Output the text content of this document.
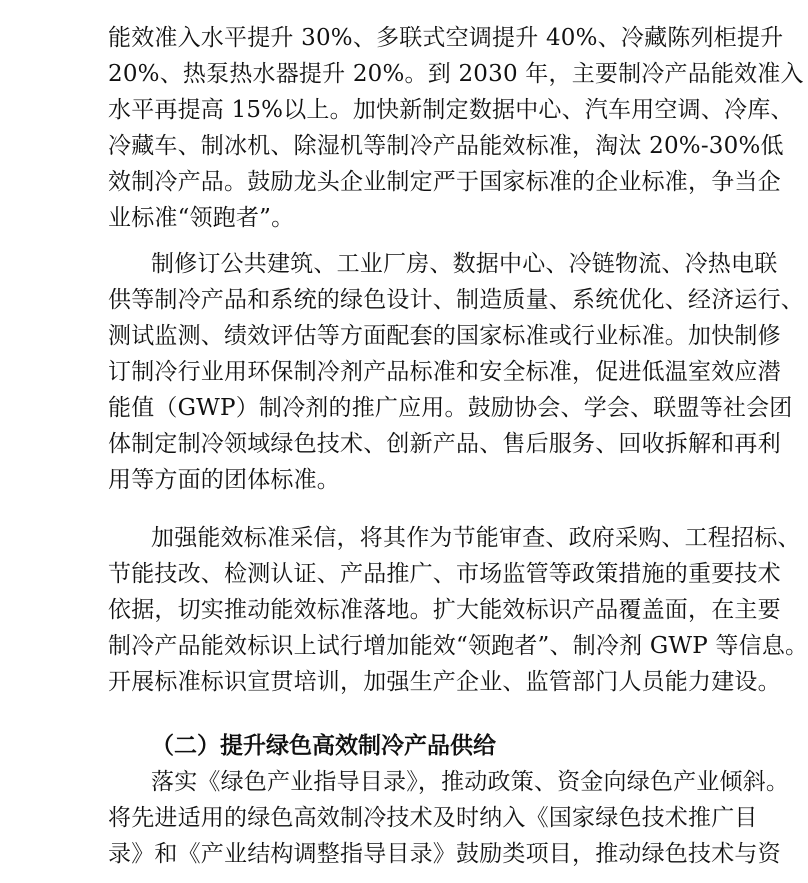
能效准入水平提升 30%、多联式空调提升 40%、冷藏陈列柜提升
20%、热泵热水器提升 20%。到 2030 年，主要制冷产品能效准入
水平再提高 15%以上。加快新制定数据中心、汽车用空调、冷库、
冷藏车、制冰机、除湿机等制冷产品能效标准，淘汰 20%-30%低
效制冷产品。鼓励龙头企业制定严于国家标准的企业标准，争当企
业标准“领跑者”。
制修订公共建筑、工业厂房、数据中心、冷链物流、冷热电联
供等制冷产品和系统的绿色设计、制造质量、系统优化、经济运行、
测试监测、绩效评估等方面配套的国家标准或行业标准。加快制修
订制冷行业用环保制冷剂产品标准和安全标准，促进低温室效应潜
能值（GWP）制冷剂的推广应用。鼓励协会、学会、联盟等社会团
体制定制冷领域绿色技术、创新产品、售后服务、回收拆解和再利
用等方面的团体标准。
加强能效标准采信，将其作为节能审查、政府采购、工程招标、
节能技改、检测认证、产品推广、市场监管等政策措施的重要技术
依据，切实推动能效标准落地。扩大能效标识产品覆盖面，在主要
制冷产品能效标识上试行增加能效“领跑者”、制冷剂 GWP 等信息。
开展标准标识宣贯培训，加强生产企业、监管部门人员能力建设。
（二）提升绿色高效制冷产品供给
落实《绿色产业指导目录》，推动政策、资金向绿色产业倾斜。
将先进适用的绿色高效制冷技术及时纳入《国家绿色技术推广目
录》和《产业结构调整指导目录》鼓励类项目，推动绿色技术与资
